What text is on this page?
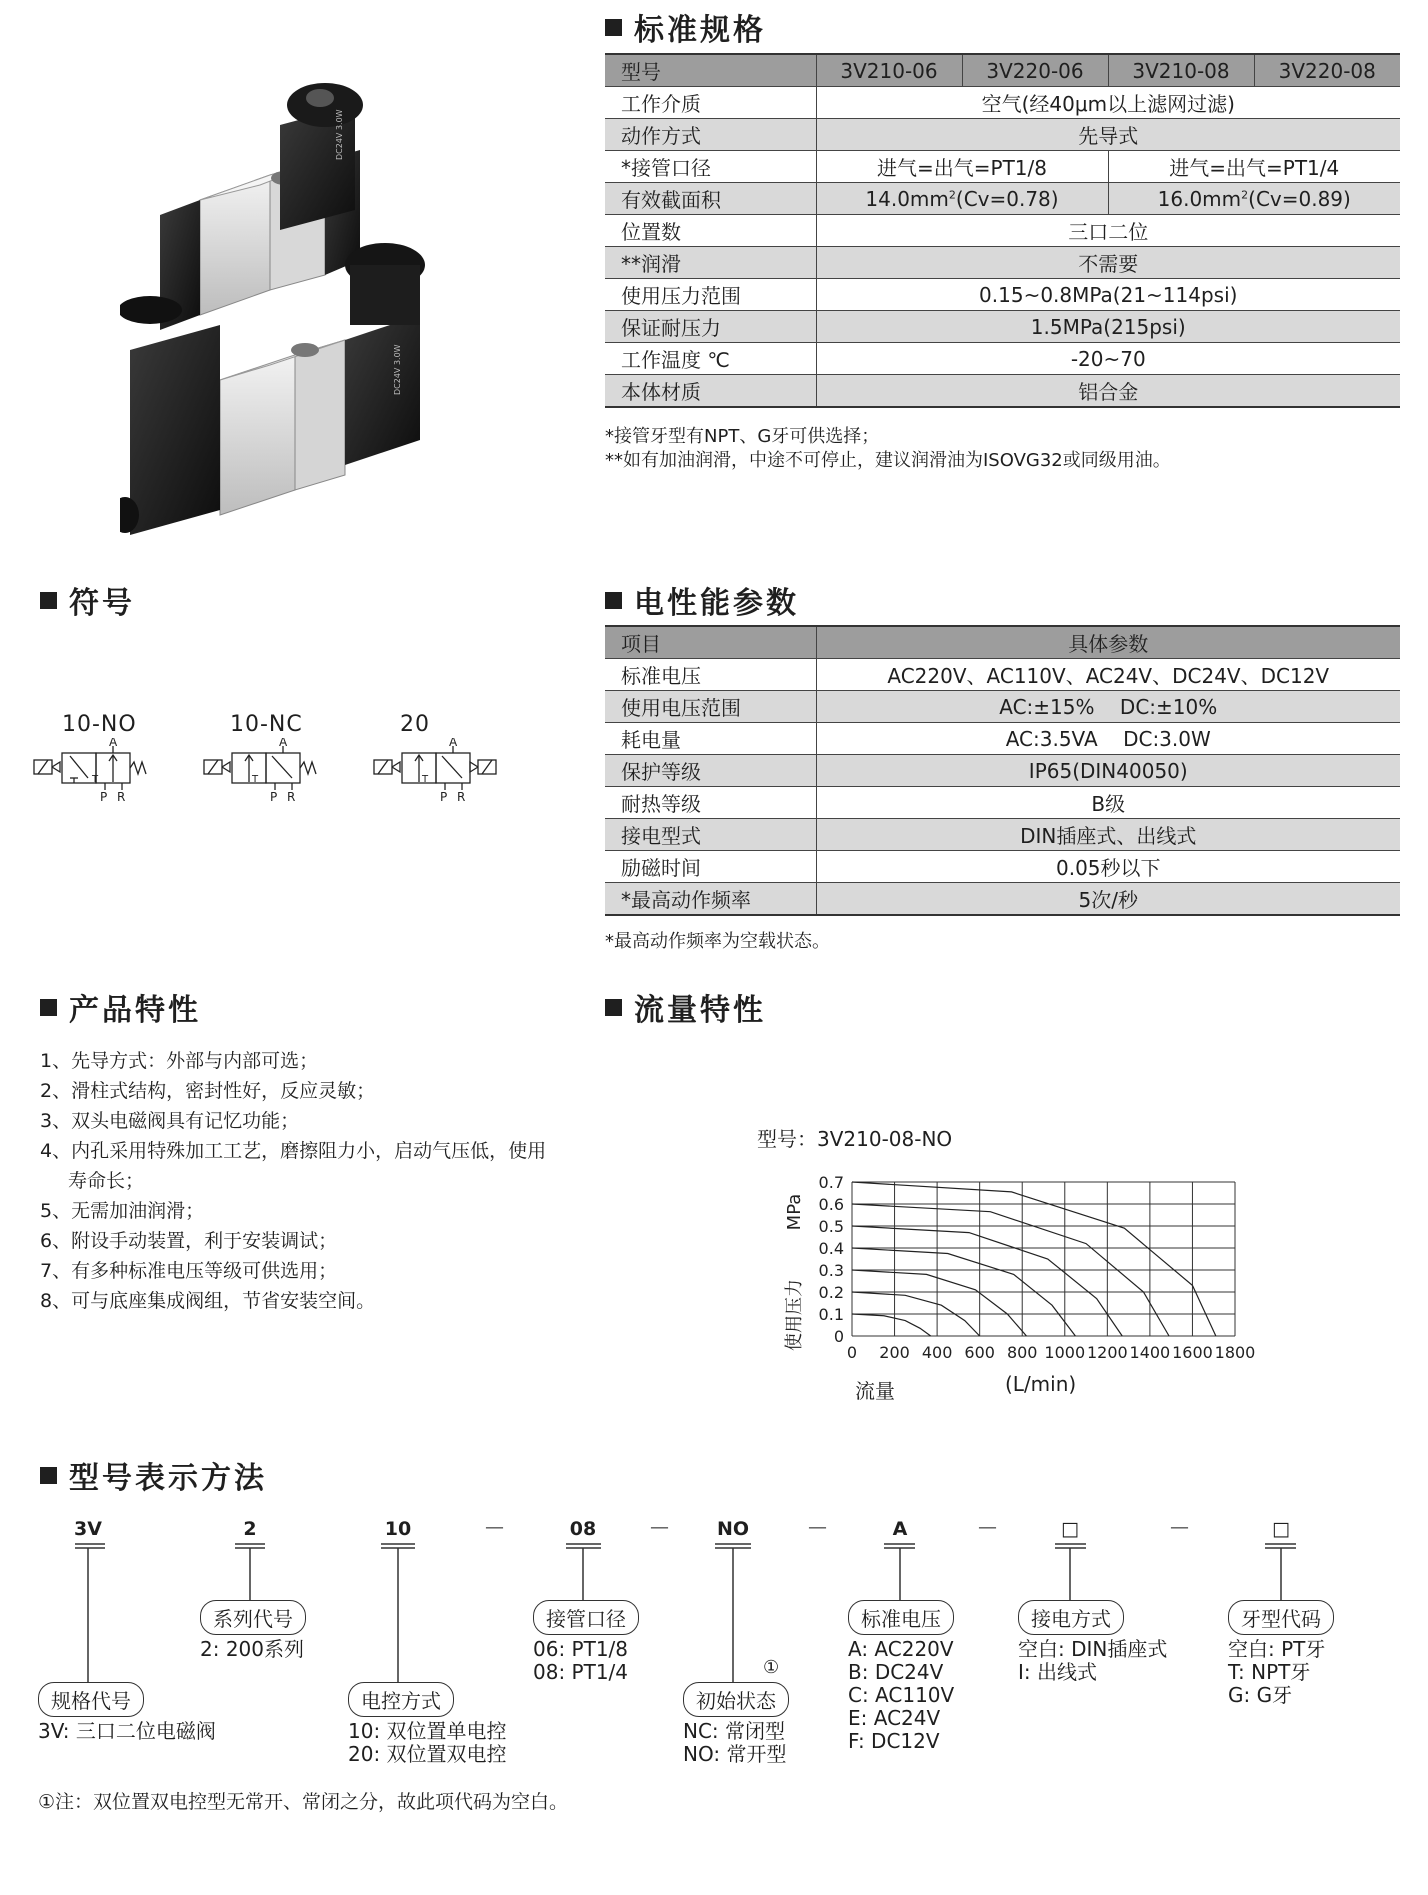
DC24V 3.0W
DC24V 3.0W
标准规格
符号	电性能参数
产品特性	流量特性
型号表示方法
型号	3V210-06	3V220-06	3V210-08	3V220-08
工作介质	空气(经40μm以上滤网过滤)			
动作方式	先导式			
*接管口径	进气=出气=PT1/8		进气=出气=PT1/4	
有效截面积	$14.0mm^2(Cv=0.78)$		$16.0mm^2(Cv=0.89)$	
位置数	三口二位			
**润滑	不需要			
使用压力范围	0.15~0.8MPa(21~114psi)			
保证耐压力	1.5MPa(215psi)			
工作温度 ℃	-20~70			
本体材质	铝合金			
*接管牙型有NPT、G牙可供选择；
**如有加油润滑，中途不可停止，建议润滑油为ISOVG32或同级用油。
项目	具体参数
标准电压	AC220V、AC110V、AC24V、DC24V、DC12V
使用电压范围	AC:±15%    DC:±10%
耗电量	AC:3.5VA    DC:3.0W
保护等级	IP65(DIN40050)
耐热等级	B级
接电型式	DIN插座式、出线式
励磁时间	0.05秒以下
*最高动作频率	5次/秒
*最高动作频率为空载状态。
10-NO	10-NC	20
A
P R
T
A
P R
T
A
P R
T
1、先导方式：外部与内部可选；
2、滑柱式结构，密封性好，反应灵敏；
3、双头电磁阀具有记忆功能；
4、内孔采用特殊加工工艺，磨擦阻力小，启动气压低，使用
寿命长；
5、无需加油润滑；
6、附设手动装置，利于安装调试；
7、有多种标准电压等级可供选用；
8、可与底座集成阀组，节省安装空间。
型号：3V210-08-NO
0 200 400 600 800 1000 1200 1400 1600 1800
0
0.1
0.2
0.3
0.4
0.5
0.6
0.7
使用压力
MPa
流量	(L/min)
3V	2	10	—	08	—	NO	—	A	—	□	—	□
系列代号
2: 200系列
接管口径
06: PT1/8
08: PT1/4
标准电压
A: AC220V
B: DC24V
C: AC110V
E: AC24V
F: DC12V
接电方式
空白: DIN插座式
I: 出线式
牙型代码
空白: PT牙
T: NPT牙
G: G牙
规格代号
3V: 三口二位电磁阀
电控方式
10: 双位置单电控
20: 双位置双电控
①
初始状态
NC: 常闭型
NO: 常开型
①注：双位置双电控型无常开、常闭之分，故此项代码为空白。
